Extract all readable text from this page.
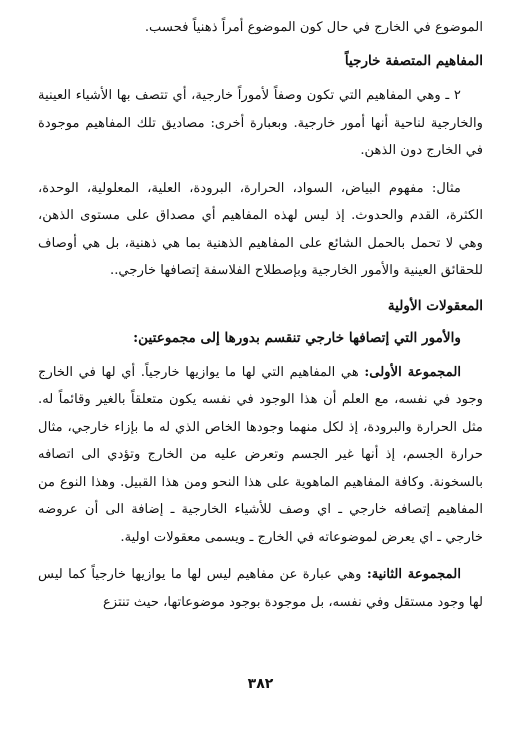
الموضوع في الخارج في حال كون الموضوع أمراً ذهنياً فحسب.

المفاهيم المتصفة خارجياً

٢ ـ وهي المفاهيم التي تكون وصفاً لأموراً خارجية، أي تتصف بها الأشياء العينية والخارجية لناحية أنها أمور خارجية. وبعبارة أخرى: مصاديق تلك المفاهيم موجودة في الخارج دون الذهن.

مثال: مفهوم البياض، السواد، الحرارة، البرودة، العلية، المعلولية، الوحدة، الكثرة، القدم والحدوث. إذ ليس لهذه المفاهيم أي مصداق على مستوى الذهن، وهي لا تحمل بالحمل الشائع على المفاهيم الذهنية بما هي ذهنية، بل هي أوصاف للحقائق العينية والأمور الخارجية وبإصطلاح الفلاسفة إتصافها خارجي..

المعقولات الأولية

والأمور التي إتصافها خارجي تنقسم بدورها إلى مجموعتين:

المجموعة الأولى: هي المفاهيم التي لها ما يوازيها خارجياً. أي لها في الخارج وجود في نفسه، مع العلم أن هذا الوجود في نفسه يكون متعلقاً بالغير وقائماً له. مثل الحرارة والبرودة، إذ لكل منهما وجودها الخاص الذي له ما بإزاء خارجي، مثال حرارة الجسم، إذ أنها غير الجسم وتعرض عليه من الخارج وتؤدي الى اتصافه بالسخونة. وكافة المفاهيم الماهوية على هذا النحو ومن هذا القبيل. وهذا النوع من المفاهيم إتصافه خارجي ـ اي وصف للأشياء الخارجية ـ إضافة الى أن عروضه خارجي ـ اي يعرض لموضوعاته في الخارج ـ ويسمى معقولات اولية.

المجموعة الثانية: وهي عبارة عن مفاهيم ليس لها ما يوازيها خارجياً كما ليس لها وجود مستقل وفي نفسه، بل موجودة بوجود موضوعاتها، حيث تنتزع

٣٨٢
